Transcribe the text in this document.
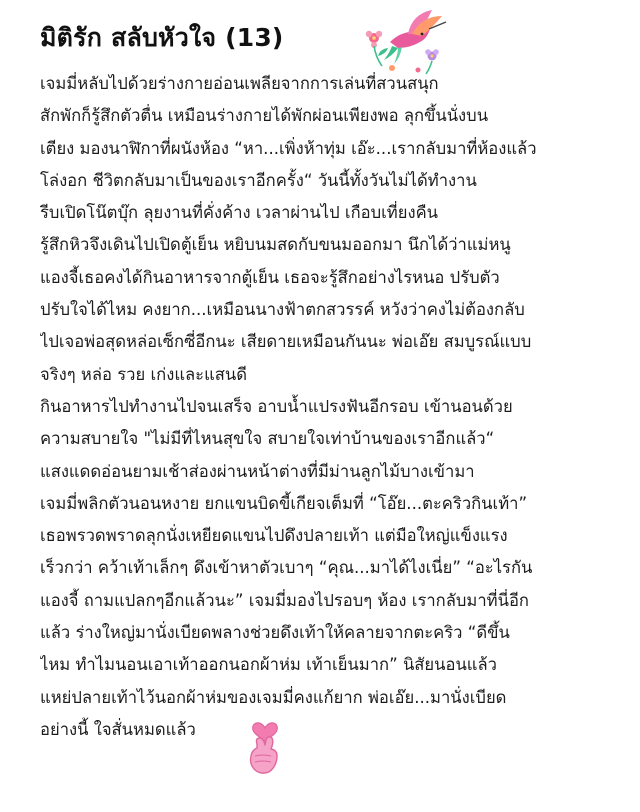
มิติรัก สลับหัวใจ (13)
เจมมี่หลับไปด้วยร่างกายอ่อนเพลียจากการเล่นที่สวนสนุก
สักพักก็รู้สึกตัวตื่น เหมือนร่างกายได้พักผ่อนเพียงพอ ลุกขึ้นนั่งบน
เตียง มองนาฬิกาที่ผนังห้อง “หา...เพิ่งห้าทุ่ม เอ๊ะ...เรากลับมาที่ห้องแล้ว
โล่งอก ชีวิตกลับมาเป็นของเราอีกครั้ง“ วันนี้ทั้งวันไม่ได้ทำงาน
รีบเปิดโน๊ตบุ๊ก ลุยงานที่คั่งค้าง เวลาผ่านไป เกือบเที่ยงคืน
รู้สึกหิวจึงเดินไปเปิดตู้เย็น หยิบนมสดกับขนมออกมา นึกได้ว่าแม่หนู
แองจี้เธอคงได้กินอาหารจากตู้เย็น เธอจะรู้สึกอย่างไรหนอ ปรับตัว
ปรับใจได้ไหม คงยาก...เหมือนนางฟ้าตกสวรรค์ หวังว่าคงไม่ต้องกลับ
ไปเจอพ่อสุดหล่อเซ็กซี่อีกนะ เสียดายเหมือนกันนะ พ่อเอ๊ย สมบูรณ์แบบ
จริงๆ หล่อ รวย เก่งและแสนดี
กินอาหารไปทำงานไปจนเสร็จ อาบน้ำแปรงฟันอีกรอบ เข้านอนด้วย
ความสบายใจ "ไม่มีที่ไหนสุขใจ สบายใจเท่าบ้านของเราอีกแล้ว“
แสงแดดอ่อนยามเช้าส่องผ่านหน้าต่างที่มีม่านลูกไม้บางเข้ามา
เจมมี่พลิกตัวนอนหงาย ยกแขนบิดขี้เกียจเต็มที่ “โอ๊ย...ตะคริวกินเท้า”
เธอพรวดพราดลุกนั่งเหยียดแขนไปดึงปลายเท้า แต่มือใหญ่แข็งแรง
เร็วกว่า คว้าเท้าเล็กๆ ดึงเข้าหาตัวเบาๆ “คุณ...มาได้ไงเนี่ย” “อะไรกัน
แองจี้ ถามแปลกๆอีกแล้วนะ” เจมมี่มองไปรอบๆ ห้อง เรากลับมาที่นี่อีก
แล้ว ร่างใหญ่มานั่งเบียดพลางช่วยดึงเท้าให้คลายจากตะคริว “ดีขึ้น
ไหม ทำไมนอนเอาเท้าออกนอกผ้าห่ม เท้าเย็นมาก” นิสัยนอนแล้ว
แหย่ปลายเท้าไว้นอกผ้าห่มของเจมมี่คงแก้ยาก พ่อเอ๊ย...มานั่งเบียด
อย่างนี้ ใจสั่นหมดแล้ว
